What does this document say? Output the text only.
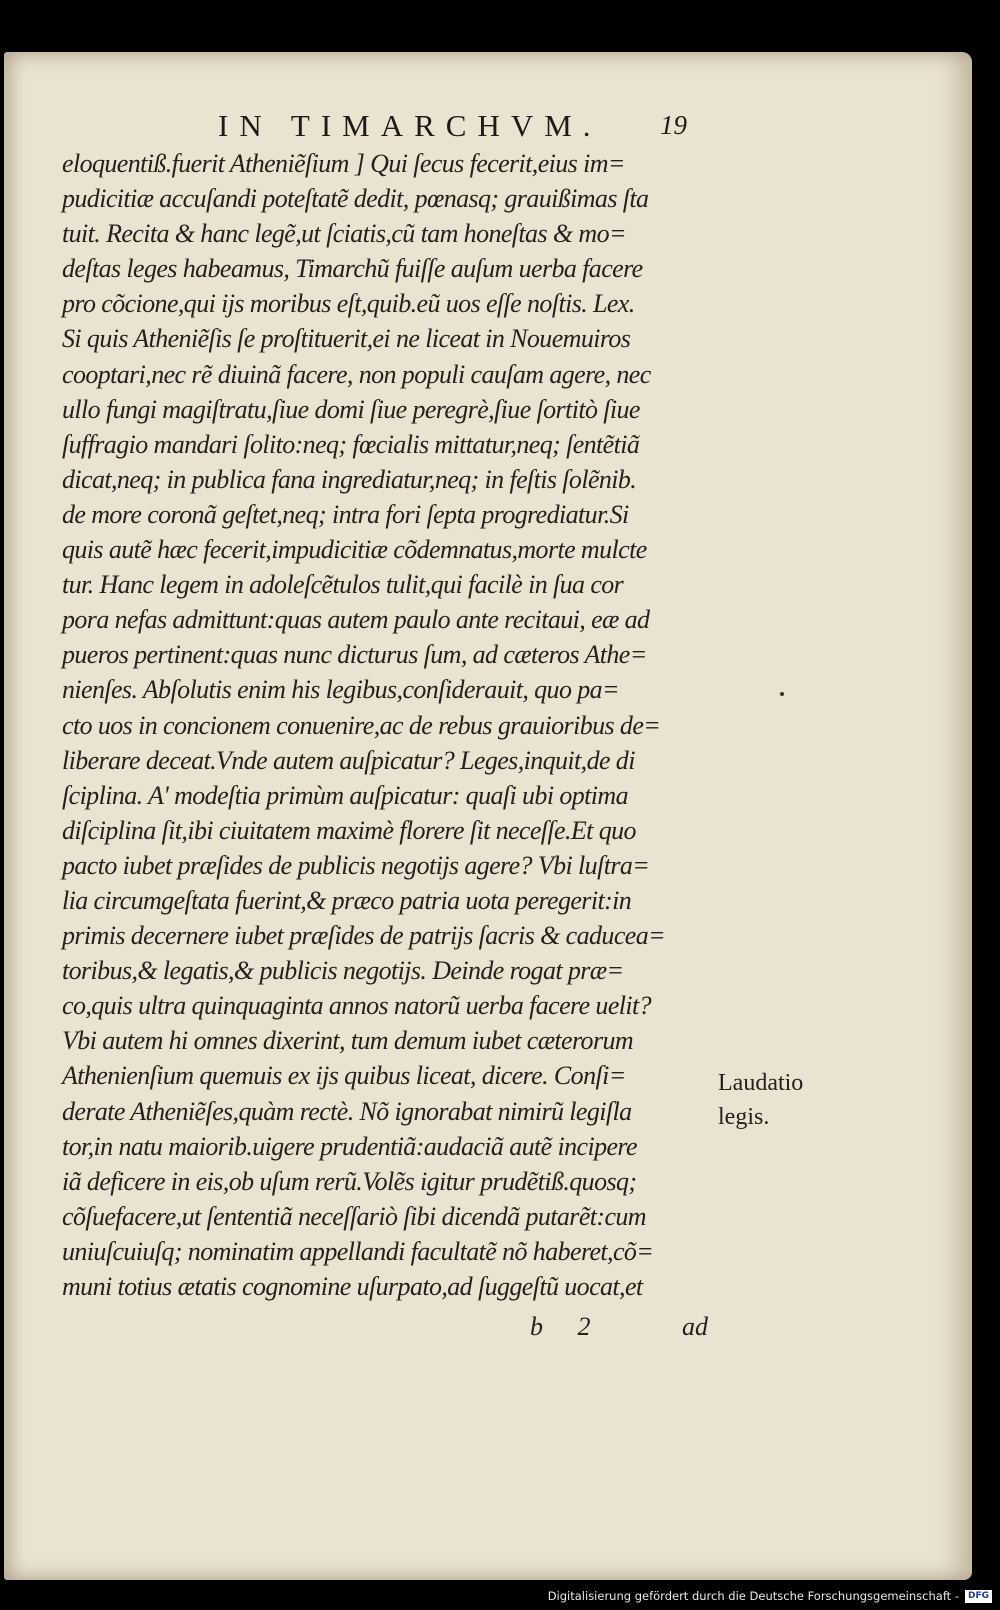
IN TIMARCHVM. 19
eloquentiß.fuerit Atheniẽſium ] Qui ſecus fecerit,eius im=
pudicitiæ accuſandi poteſtatẽ dedit, pœnasq; grauißimas ſta
tuit. Recita & hanc legẽ,ut ſciatis,cũ tam honeſtas & mo=
deſtas leges habeamus, Timarchũ fuiſſe auſum uerba facere
pro cõcione,qui ijs moribus eſt,quib.eũ uos eſſe noſtis. Lex.
Si quis Atheniẽſis ſe proſtituerit,ei ne liceat in Nouemuiros
cooptari,nec rẽ diuinã facere, non populi cauſam agere, nec
ullo fungi magiſtratu,ſiue domi ſiue peregrè,ſiue ſortitò ſiue
ſuffragio mandari ſolito:neq; fœcialis mittatur,neq; ſentẽtiã
dicat,neq; in publica fana ingrediatur,neq; in feſtis ſolẽnib.
de more coronã geſtet,neq; intra fori ſepta progrediatur.Si
quis autẽ hæc fecerit,impudicitiæ cõdemnatus,morte mulcte
tur. Hanc legem in adoleſcẽtulos tulit,qui facilè in ſua cor
pora nefas admittunt:quas autem paulo ante recitaui, eæ ad
pueros pertinent:quas nunc dicturus ſum, ad cæteros Athe=
nienſes. Abſolutis enim his legibus,conſiderauit, quo pa=
cto uos in concionem conuenire,ac de rebus grauioribus de=
liberare deceat.Vnde autem auſpicatur? Leges,inquit,de di
ſciplina. A' modeſtia primùm auſpicatur: quaſi ubi optima
diſciplina ſit,ibi ciuitatem maximè florere ſit neceſſe.Et quo
pacto iubet præſides de publicis negotijs agere? Vbi luſtra=
lia circumgeſtata fuerint,& præco patria uota peregerit:in
primis decernere iubet præſides de patrijs ſacris & caducea=
toribus,& legatis,& publicis negotijs. Deinde rogat præ=
co,quis ultra quinquaginta annos natorũ uerba facere uelit?
Vbi autem hi omnes dixerint, tum demum iubet cæterorum
Athenienſium quemuis ex ijs quibus liceat, dicere. Conſi=
derate Atheniẽſes,quàm rectè. Nõ ignorabat nimirũ legiſla
tor,in natu maiorib.uigere prudentiã:audaciã autẽ incipere
iã deficere in eis,ob uſum rerũ.Volẽs igitur prudẽtiß.quosq;
cõſuefacere,ut ſententiã neceſſariò ſibi dicendã putarẽt:cum
uniuſcuiuſq; nominatim appellandi facultatẽ nõ haberet,cõ=
muni totius ætatis cognomine uſurpato,ad ſuggeſtũ uocat,et
Laudatio
legis.
b 2	ad
Digitalisierung gefördert durch die Deutsche Forschungsgemeinschaft -	DFG
